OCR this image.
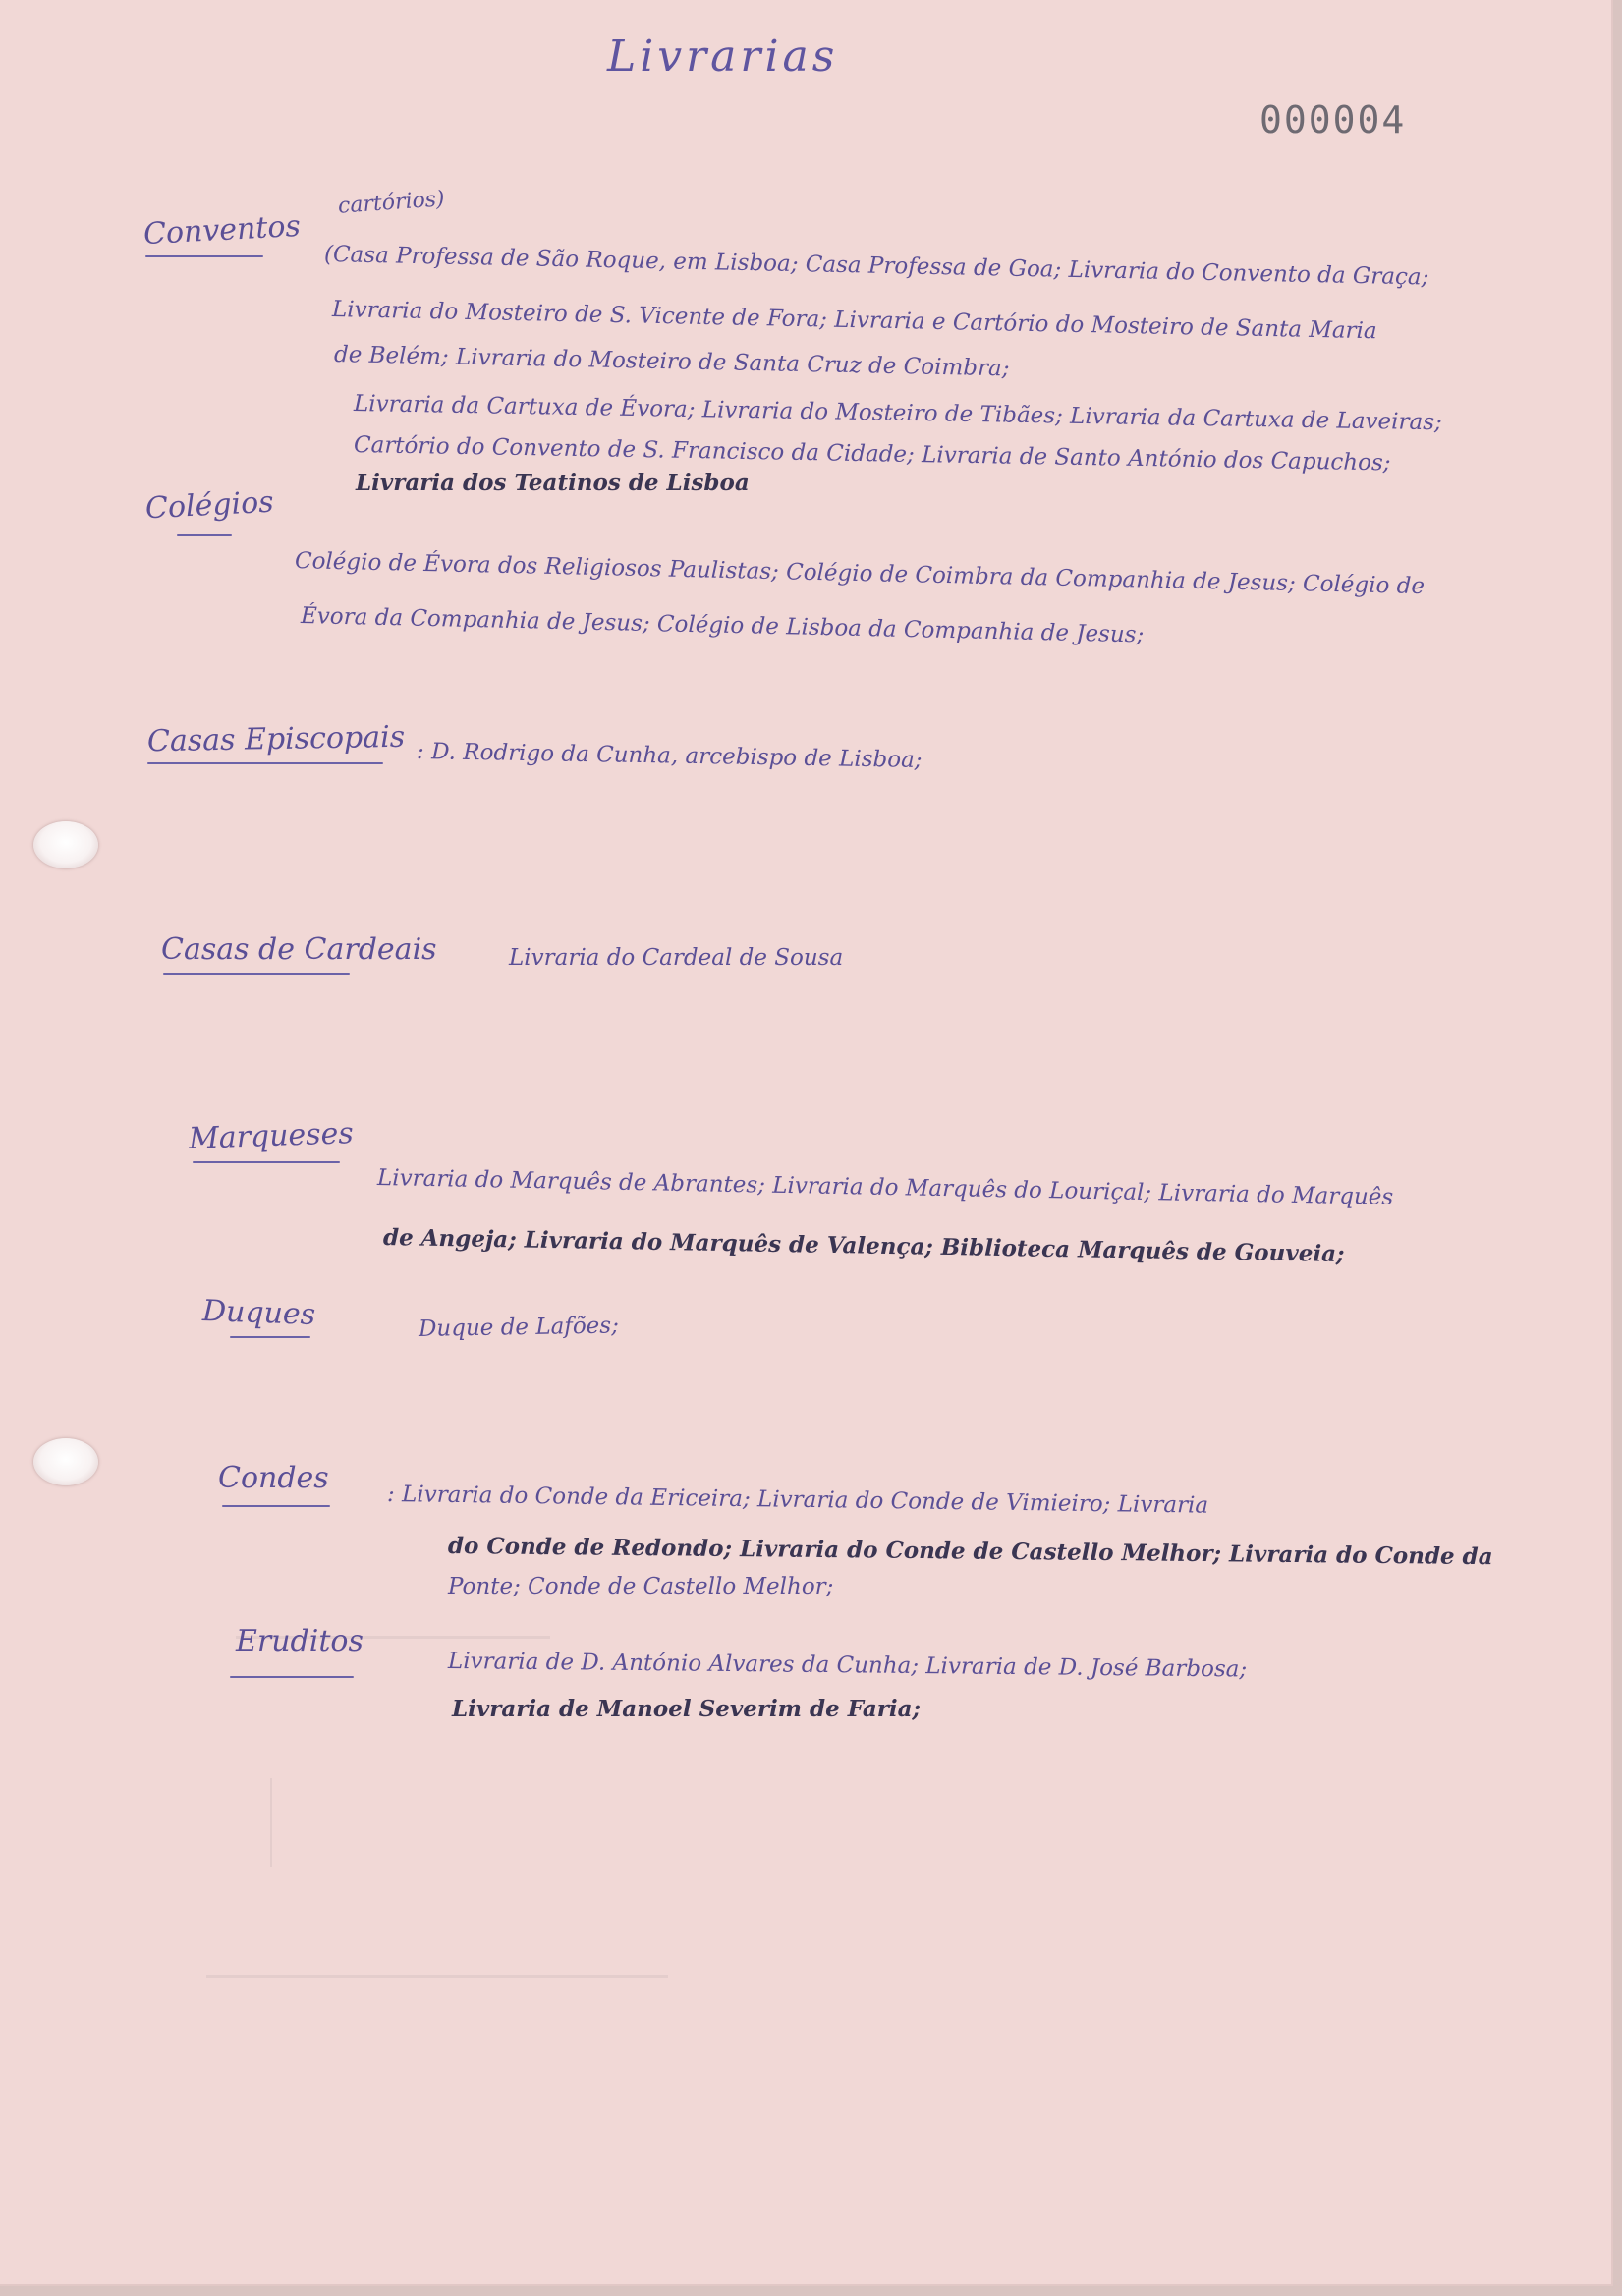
Livrarias
000004
Conventos
cartórios)
(Casa Professa de São Roque, em Lisboa; Casa Professa de Goa; Livraria do Convento da Graça;
Livraria do Mosteiro de S. Vicente de Fora; Livraria e Cartório do Mosteiro de Santa Maria
de Belém; Livraria do Mosteiro de Santa Cruz de Coimbra;
Livraria da Cartuxa de Évora; Livraria do Mosteiro de Tibães; Livraria da Cartuxa de Laveiras;
Cartório do Convento de S. Francisco da Cidade; Livraria de Santo António dos Capuchos;
Livraria dos Teatinos de Lisboa
Colégios
Colégio de Évora dos Religiosos Paulistas; Colégio de Coimbra da Companhia de Jesus; Colégio de
Évora da Companhia de Jesus; Colégio de Lisboa da Companhia de Jesus;
Casas Episcopais : D. Rodrigo da Cunha, arcebispo de Lisboa;
Casas de Cardeais	Livraria do Cardeal de Sousa
Marqueses
Livraria do Marquês de Abrantes; Livraria do Marquês do Louriçal; Livraria do Marquês
de Angeja; Livraria do Marquês de Valença; Biblioteca Marquês de Gouveia;
Duques	Duque de Lafões;
Condes
: Livraria do Conde da Ericeira; Livraria do Conde de Vimieiro; Livraria
do Conde de Redondo; Livraria do Conde de Castello Melhor; Livraria do Conde da
Ponte; Conde de Castello Melhor;
Eruditos
Livraria de D. António Alvares da Cunha; Livraria de D. José Barbosa;
Livraria de Manoel Severim de Faria;
